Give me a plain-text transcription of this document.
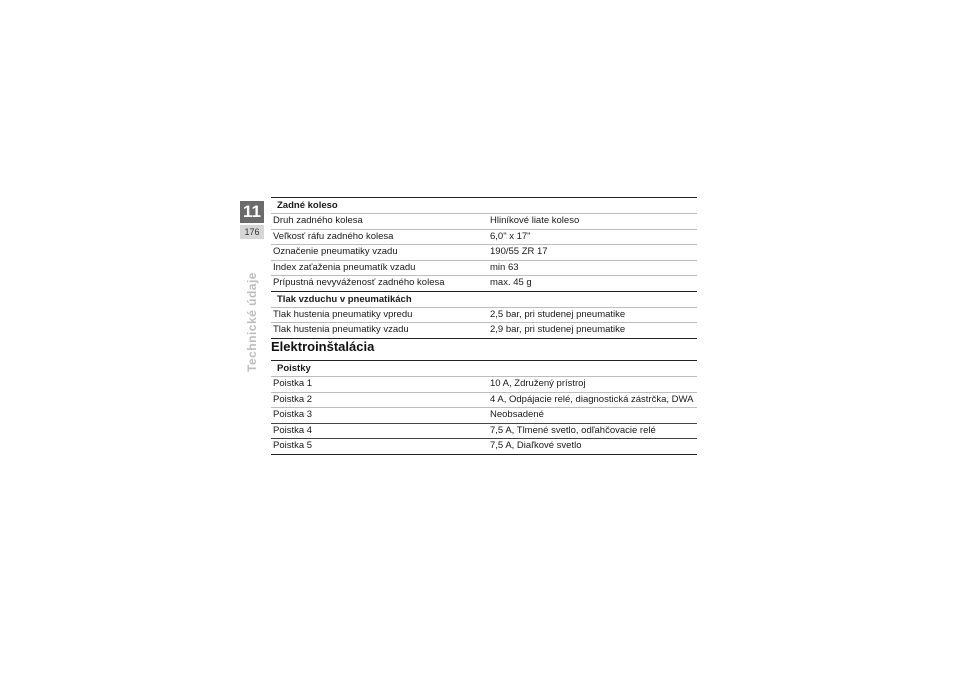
11
176
Technické údaje
Zadné koleso
Druh zadného kolesa	Hliníkové liate koleso
Veľkosť ráfu zadného kolesa	6,0" x 17"
Označenie pneumatiky vzadu	190/55 ZR 17
Index zaťaženia pneumatík vzadu	min 63
Prípustná nevyváženosť zadného kolesa	max. 45 g
Tlak vzduchu v pneumatikách
Tlak hustenia pneumatiky vpredu	2,5 bar, pri studenej pneumatike
Tlak hustenia pneumatiky vzadu	2,9 bar, pri studenej pneumatike
Elektroinštalácia
Poistky
Poistka 1	10 A, Združený prístroj
Poistka 2	4 A, Odpájacie relé, diagnostická zástrčka, DWA
Poistka 3	Neobsadené
Poistka 4	7,5 A, Tlmené svetlo, odľahčovacie relé
Poistka 5	7,5 A, Diaľkové svetlo
